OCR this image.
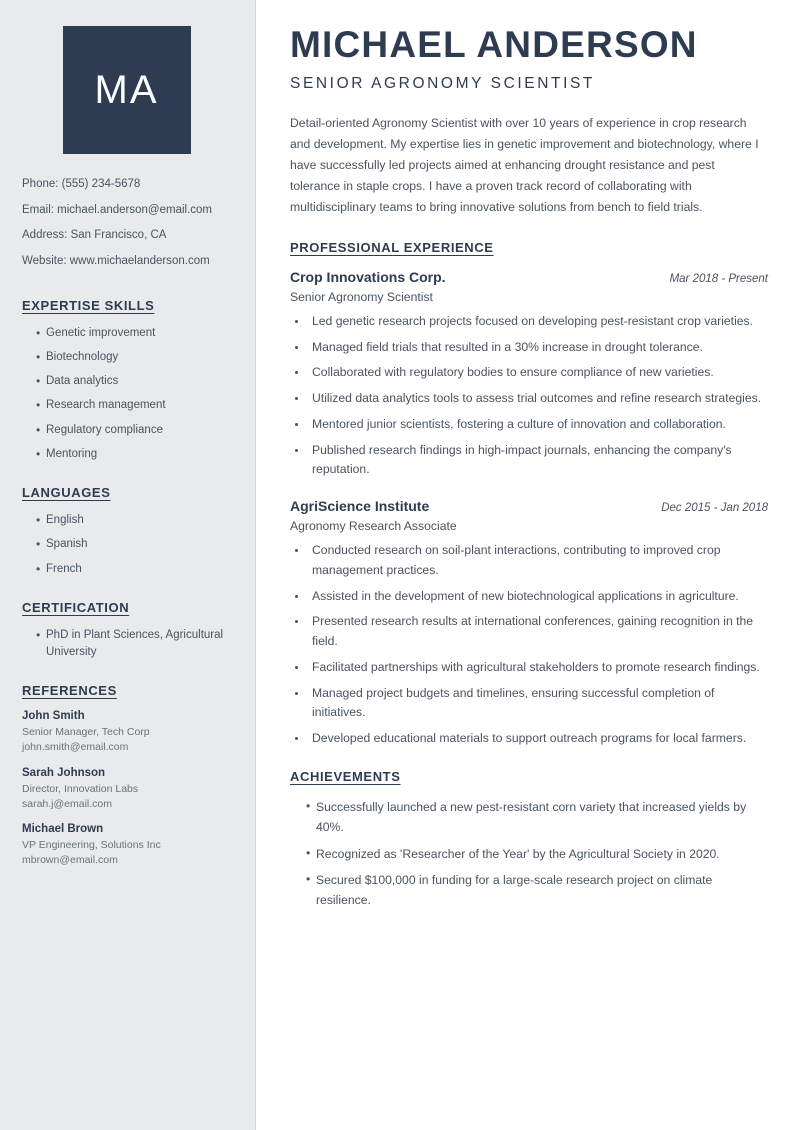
MA
Phone: (555) 234-5678
Email: michael.anderson@email.com
Address: San Francisco, CA
Website: www.michaelanderson.com
EXPERTISE SKILLS
• Genetic improvement
• Biotechnology
• Data analytics
• Research management
• Regulatory compliance
• Mentoring
LANGUAGES
• English
• Spanish
• French
CERTIFICATION
• PhD in Plant Sciences, Agricultural University
REFERENCES
John Smith
Senior Manager, Tech Corp
john.smith@email.com
Sarah Johnson
Director, Innovation Labs
sarah.j@email.com
Michael Brown
VP Engineering, Solutions Inc
mbrown@email.com
MICHAEL ANDERSON
SENIOR AGRONOMY SCIENTIST

Detail-oriented Agronomy Scientist with over 10 years of experience in crop research and development. My expertise lies in genetic improvement and biotechnology, where I have successfully led projects aimed at enhancing drought resistance and pest tolerance in staple crops. I have a proven track record of collaborating with multidisciplinary teams to bring innovative solutions from bench to field trials.

PROFESSIONAL EXPERIENCE
Crop Innovations Corp.	Mar 2018 - Present
Senior Agronomy Scientist
• Led genetic research projects focused on developing pest-resistant crop varieties.
• Managed field trials that resulted in a 30% increase in drought tolerance.
• Collaborated with regulatory bodies to ensure compliance of new varieties.
• Utilized data analytics tools to assess trial outcomes and refine research strategies.
• Mentored junior scientists, fostering a culture of innovation and collaboration.
• Published research findings in high-impact journals, enhancing the company's reputation.
AgriScience Institute	Dec 2015 - Jan 2018
Agronomy Research Associate
• Conducted research on soil-plant interactions, contributing to improved crop management practices.
• Assisted in the development of new biotechnological applications in agriculture.
• Presented research results at international conferences, gaining recognition in the field.
• Facilitated partnerships with agricultural stakeholders to promote research findings.
• Managed project budgets and timelines, ensuring successful completion of initiatives.
• Developed educational materials to support outreach programs for local farmers.
ACHIEVEMENTS
• Successfully launched a new pest-resistant corn variety that increased yields by 40%.
• Recognized as 'Researcher of the Year' by the Agricultural Society in 2020.
• Secured $100,000 in funding for a large-scale research project on climate resilience.
